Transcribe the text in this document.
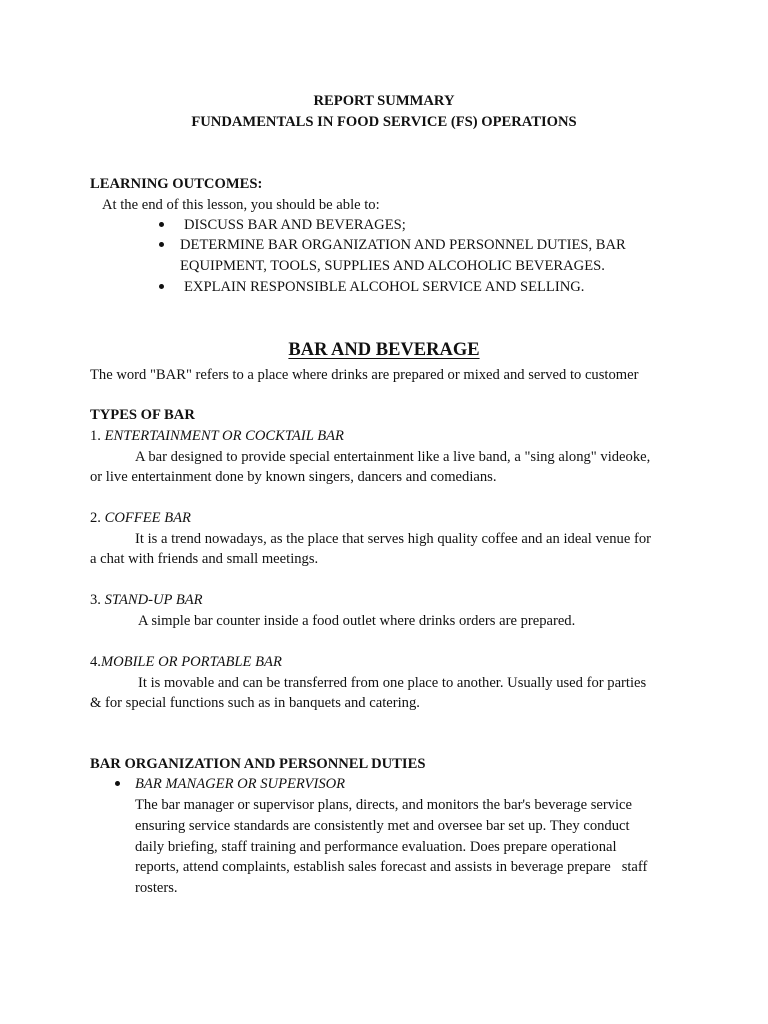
REPORT SUMMARY
FUNDAMENTALS IN FOOD SERVICE (FS) OPERATIONS
LEARNING OUTCOMES:
At the end of this lesson, you should be able to:
DISCUSS BAR AND BEVERAGES;
DETERMINE BAR ORGANIZATION AND PERSONNEL DUTIES, BAR
EQUIPMENT, TOOLS, SUPPLIES AND ALCOHOLIC BEVERAGES.
EXPLAIN RESPONSIBLE ALCOHOL SERVICE AND SELLING.
BAR AND BEVERAGE
The word "BAR" refers to a place where drinks are prepared or mixed and served to customer
TYPES OF BAR
1. ENTERTAINMENT OR COCKTAIL BAR
A bar designed to provide special entertainment like a live band, a "sing along" videoke,
or live entertainment done by known singers, dancers and comedians.
2. COFFEE BAR
It is a trend nowadays, as the place that serves high quality coffee and an ideal venue for
a chat with friends and small meetings.
3. STAND-UP BAR
A simple bar counter inside a food outlet where drinks orders are prepared.
4.MOBILE OR PORTABLE BAR
It is movable and can be transferred from one place to another. Usually used for parties
& for special functions such as in banquets and catering.
BAR ORGANIZATION AND PERSONNEL DUTIES
BAR MANAGER OR SUPERVISOR
The bar manager or supervisor plans, directs, and monitors the bar's beverage service
ensuring service standards are consistently met and oversee bar set up. They conduct
daily briefing, staff training and performance evaluation. Does prepare operational
reports, attend complaints, establish sales forecast and assists in beverage prepare   staff
rosters.
